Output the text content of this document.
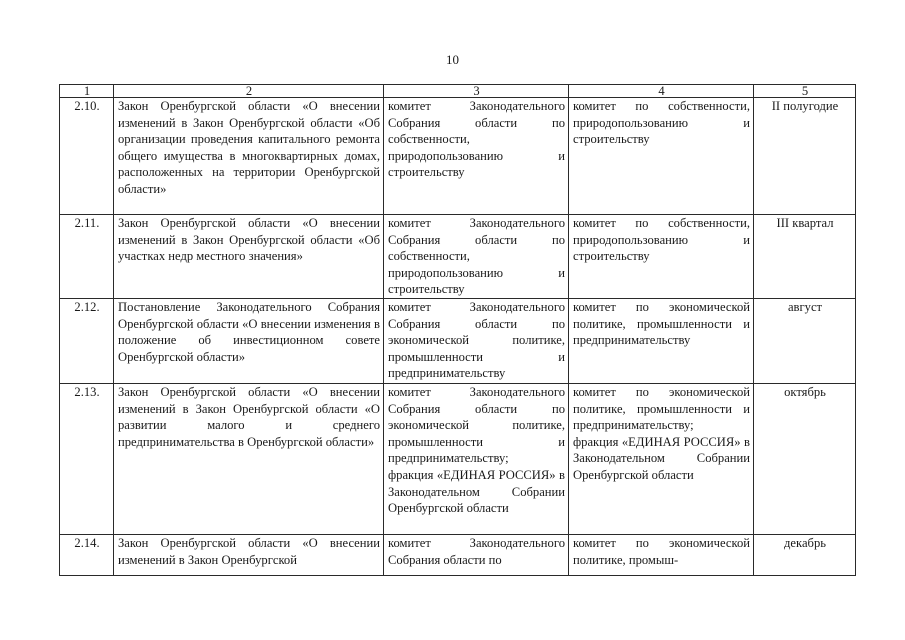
10
1	2	3	4	5
2.10.	Закон Оренбургской области «О внесении изменений в Закон Оренбургской области «Об организации проведения капитального ремонта общего имущества в многоквартирных домах, расположенных на территории Оренбургской области»	комитет Законодательного Собрания области по собственности, природопользованию и строительству	комитет по собственности, природопользованию и строительству	II полугодие
2.11.	Закон Оренбургской области «О внесении изменений в Закон Оренбургской области «Об участках недр местного значения»	комитет Законодательного Собрания области по собственности, природопользованию и строительству	комитет по собственности, природопользованию и строительству	III квартал
2.12.	Постановление Законодательного Собрания Оренбургской области «О внесении изменения в положение об инвестиционном совете Оренбургской области»	комитет Законодательного Собрания области по экономической политике, промышленности и предпринимательству	комитет по экономической политике, промышленности и предпринимательству	август
2.13.	Закон Оренбургской области «О внесении изменений в Закон Оренбургской области «О развитии малого и среднего предпринимательства в Оренбургской области»	комитет Законодательного Собрания области по экономической политике, промышленности и предпринимательству;
фракция «ЕДИНАЯ РОССИЯ» в Законодательном Собрании Оренбургской области	комитет по экономической политике, промышленности и предпринимательству;
фракция «ЕДИНАЯ РОССИЯ» в Законодательном Собрании Оренбургской области	октябрь
2.14.	Закон Оренбургской области «О внесении изменений в Закон Оренбургской	комитет Законодательного Собрания области по	комитет по экономической политике, промыш-	декабрь
